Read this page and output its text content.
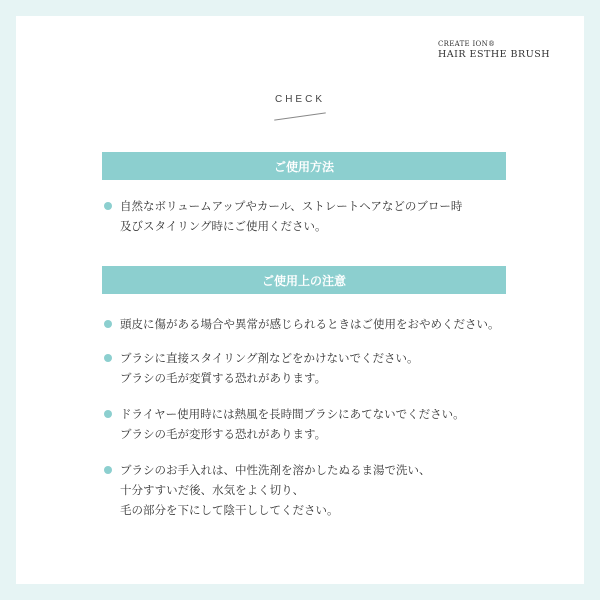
CREATE ION®
HAIR ESTHE BRUSH
CHECK
ご使用方法
自然なボリュームアップやカール、ストレートヘアなどのブロー時
及びスタイリング時にご使用ください。
ご使用上の注意
頭皮に傷がある場合や異常が感じられるときはご使用をおやめください。
ブラシに直接スタイリング剤などをかけないでください。
ブラシの毛が変質する恐れがあります。
ドライヤー使用時には熱風を長時間ブラシにあてないでください。
ブラシの毛が変形する恐れがあります。
ブラシのお手入れは、中性洗剤を溶かしたぬるま湯で洗い、
十分すすいだ後、水気をよく切り、
毛の部分を下にして陰干ししてください。
